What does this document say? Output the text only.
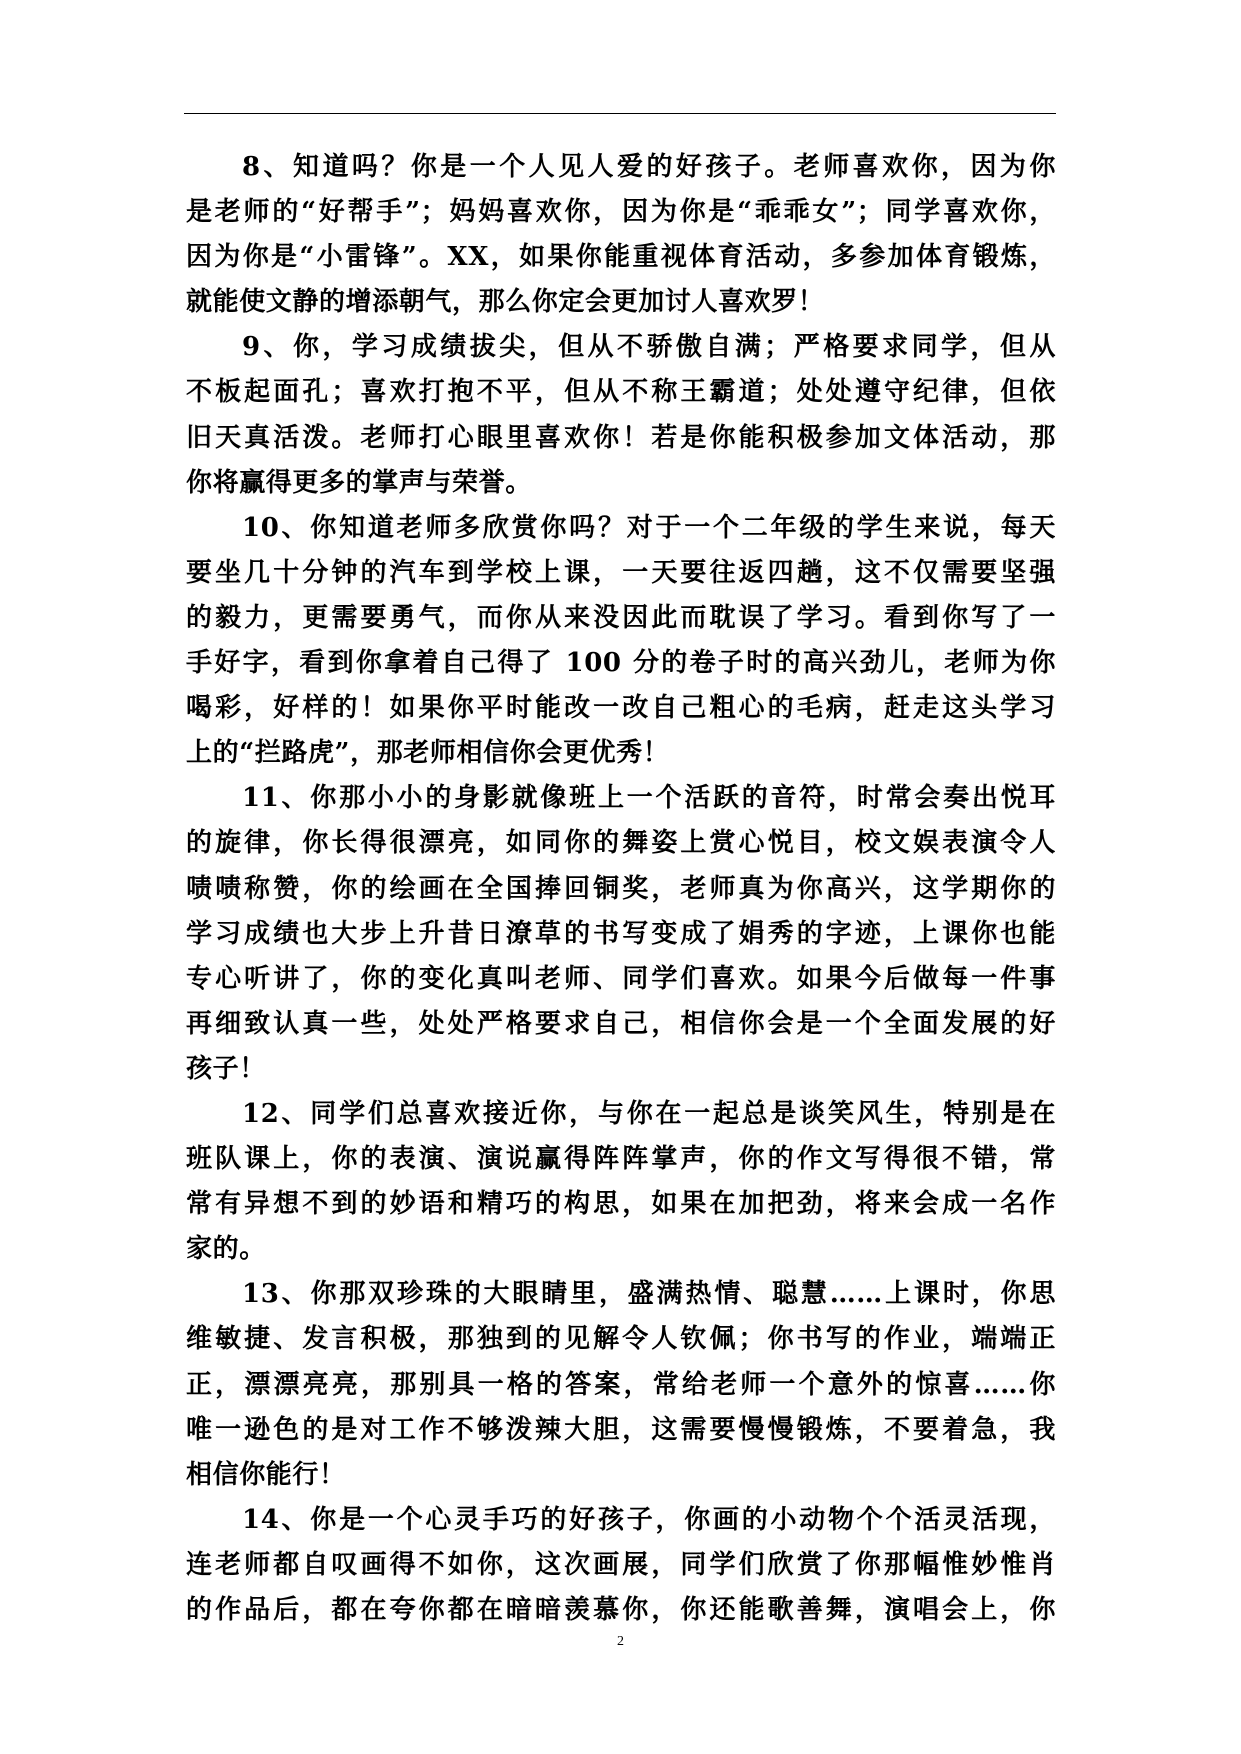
8、知道吗？你是一个人见人爱的好孩子。老师喜欢你，因为你
是老师的“好帮手”；妈妈喜欢你，因为你是“乖乖女”；同学喜欢你，
因为你是“小雷锋”。XX，如果你能重视体育活动，多参加体育锻炼，
就能使文静的增添朝气，那么你定会更加讨人喜欢罗！
9、你，学习成绩拔尖，但从不骄傲自满；严格要求同学，但从
不板起面孔；喜欢打抱不平，但从不称王霸道；处处遵守纪律，但依
旧天真活泼。老师打心眼里喜欢你！若是你能积极参加文体活动，那
你将赢得更多的掌声与荣誉。
10、你知道老师多欣赏你吗？对于一个二年级的学生来说，每天
要坐几十分钟的汽车到学校上课，一天要往返四趟，这不仅需要坚强
的毅力，更需要勇气，而你从来没因此而耽误了学习。看到你写了一
手好字，看到你拿着自己得了 100 分的卷子时的高兴劲儿，老师为你
喝彩，好样的！如果你平时能改一改自己粗心的毛病，赶走这头学习
上的“拦路虎”，那老师相信你会更优秀！
11、你那小小的身影就像班上一个活跃的音符，时常会奏出悦耳
的旋律，你长得很漂亮，如同你的舞姿上赏心悦目，校文娱表演令人
啧啧称赞，你的绘画在全国捧回铜奖，老师真为你高兴，这学期你的
学习成绩也大步上升昔日潦草的书写变成了娟秀的字迹，上课你也能
专心听讲了，你的变化真叫老师、同学们喜欢。如果今后做每一件事
再细致认真一些，处处严格要求自己，相信你会是一个全面发展的好
孩子！
12、同学们总喜欢接近你，与你在一起总是谈笑风生，特别是在
班队课上，你的表演、演说赢得阵阵掌声，你的作文写得很不错，常
常有异想不到的妙语和精巧的构思，如果在加把劲，将来会成一名作
家的。
13、你那双珍珠的大眼睛里，盛满热情、聪慧……上课时，你思
维敏捷、发言积极，那独到的见解令人钦佩；你书写的作业，端端正
正，漂漂亮亮，那别具一格的答案，常给老师一个意外的惊喜……你
唯一逊色的是对工作不够泼辣大胆，这需要慢慢锻炼，不要着急，我
相信你能行！
14、你是一个心灵手巧的好孩子，你画的小动物个个活灵活现，
连老师都自叹画得不如你，这次画展，同学们欣赏了你那幅惟妙惟肖
的作品后，都在夸你都在暗暗羡慕你，你还能歌善舞，演唱会上，你
2
